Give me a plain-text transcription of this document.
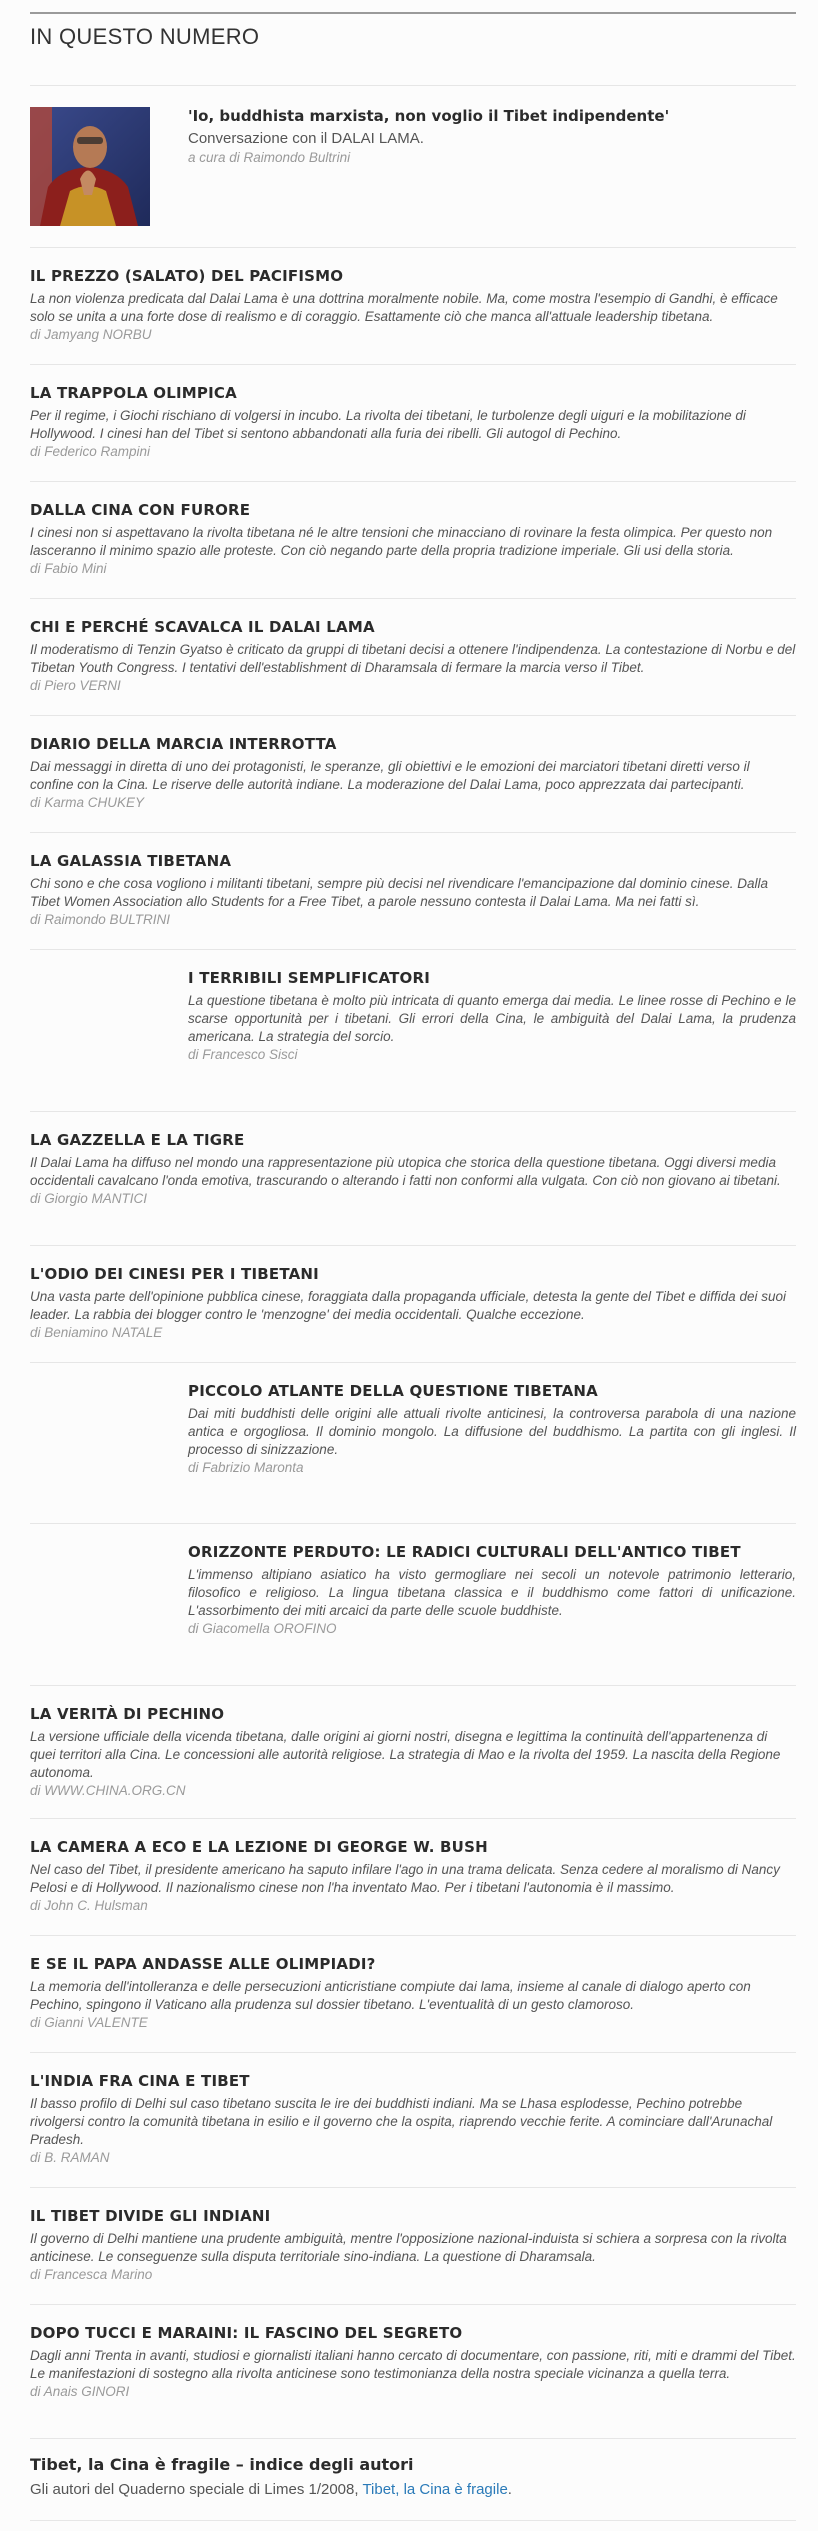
IN QUESTO NUMERO
'Io, buddhista marxista, non voglio il Tibet indipendente'
Conversazione con il DALAI LAMA.
a cura di Raimondo Bultrini
IL PREZZO (SALATO) DEL PACIFISMO
La non violenza predicata dal Dalai Lama è una dottrina moralmente nobile. Ma, come mostra l'esempio di Gandhi, è efficace solo se unita a una forte dose di realismo e di coraggio. Esattamente ciò che manca all'attuale leadership tibetana.
di Jamyang NORBU
LA TRAPPOLA OLIMPICA
Per il regime, i Giochi rischiano di volgersi in incubo. La rivolta dei tibetani, le turbolenze degli uiguri e la mobilitazione di Hollywood. I cinesi han del Tibet si sentono abbandonati alla furia dei ribelli. Gli autogol di Pechino.
di Federico Rampini
DALLA CINA CON FURORE
I cinesi non si aspettavano la rivolta tibetana né le altre tensioni che minacciano di rovinare la festa olimpica. Per questo non lasceranno il minimo spazio alle proteste. Con ciò negando parte della propria tradizione imperiale. Gli usi della storia.
di Fabio Mini
CHI E PERCHÉ SCAVALCA IL DALAI LAMA
Il moderatismo di Tenzin Gyatso è criticato da gruppi di tibetani decisi a ottenere l'indipendenza. La contestazione di Norbu e del Tibetan Youth Congress. I tentativi dell'establishment di Dharamsala di fermare la marcia verso il Tibet.
di Piero VERNI
DIARIO DELLA MARCIA INTERROTTA
Dai messaggi in diretta di uno dei protagonisti, le speranze, gli obiettivi e le emozioni dei marciatori tibetani diretti verso il confine con la Cina. Le riserve delle autorità indiane. La moderazione del Dalai Lama, poco apprezzata dai partecipanti.
di Karma CHUKEY
LA GALASSIA TIBETANA
Chi sono e che cosa vogliono i militanti tibetani, sempre più decisi nel rivendicare l'emancipazione dal dominio cinese. Dalla Tibet Women Association allo Students for a Free Tibet, a parole nessuno contesta il Dalai Lama. Ma nei fatti sì.
di Raimondo BULTRINI
I TERRIBILI SEMPLIFICATORI
La questione tibetana è molto più intricata di quanto emerga dai media. Le linee rosse di Pechino e le scarse opportunità per i tibetani. Gli errori della Cina, le ambiguità del Dalai Lama, la prudenza americana. La strategia del sorcio.
di Francesco Sisci
LA GAZZELLA E LA TIGRE
Il Dalai Lama ha diffuso nel mondo una rappresentazione più utopica che storica della questione tibetana. Oggi diversi media occidentali cavalcano l'onda emotiva, trascurando o alterando i fatti non conformi alla vulgata. Con ciò non giovano ai tibetani.
di Giorgio MANTICI
L'ODIO DEI CINESI PER I TIBETANI
Una vasta parte dell'opinione pubblica cinese, foraggiata dalla propaganda ufficiale, detesta la gente del Tibet e diffida dei suoi leader. La rabbia dei blogger contro le 'menzogne' dei media occidentali. Qualche eccezione.
di Beniamino NATALE
PICCOLO ATLANTE DELLA QUESTIONE TIBETANA
Dai miti buddhisti delle origini alle attuali rivolte anticinesi, la controversa parabola di una nazione antica e orgogliosa. Il dominio mongolo. La diffusione del buddhismo. La partita con gli inglesi. Il processo di sinizzazione.
di Fabrizio Maronta
ORIZZONTE PERDUTO: LE RADICI CULTURALI DELL'ANTICO TIBET
L'immenso altipiano asiatico ha visto germogliare nei secoli un notevole patrimonio letterario, filosofico e religioso. La lingua tibetana classica e il buddhismo come fattori di unificazione. L'assorbimento dei miti arcaici da parte delle scuole buddhiste.
di Giacomella OROFINO
LA VERITÀ DI PECHINO
La versione ufficiale della vicenda tibetana, dalle origini ai giorni nostri, disegna e legittima la continuità dell'appartenenza di quei territori alla Cina. Le concessioni alle autorità religiose. La strategia di Mao e la rivolta del 1959. La nascita della Regione autonoma.
di WWW.CHINA.ORG.CN
LA CAMERA A ECO E LA LEZIONE DI GEORGE W. BUSH
Nel caso del Tibet, il presidente americano ha saputo infilare l'ago in una trama delicata. Senza cedere al moralismo di Nancy Pelosi e di Hollywood. Il nazionalismo cinese non l'ha inventato Mao. Per i tibetani l'autonomia è il massimo.
di John C. Hulsman
E SE IL PAPA ANDASSE ALLE OLIMPIADI?
La memoria dell'intolleranza e delle persecuzioni anticristiane compiute dai lama, insieme al canale di dialogo aperto con Pechino, spingono il Vaticano alla prudenza sul dossier tibetano. L'eventualità di un gesto clamoroso.
di Gianni VALENTE
L'INDIA FRA CINA E TIBET
Il basso profilo di Delhi sul caso tibetano suscita le ire dei buddhisti indiani. Ma se Lhasa esplodesse, Pechino potrebbe rivolgersi contro la comunità tibetana in esilio e il governo che la ospita, riaprendo vecchie ferite. A cominciare dall'Arunachal Pradesh.
di B. RAMAN
IL TIBET DIVIDE GLI INDIANI
Il governo di Delhi mantiene una prudente ambiguità, mentre l'opposizione nazional-induista si schiera a sorpresa con la rivolta anticinese. Le conseguenze sulla disputa territoriale sino-indiana. La questione di Dharamsala.
di Francesca Marino
DOPO TUCCI E MARAINI: IL FASCINO DEL SEGRETO
Dagli anni Trenta in avanti, studiosi e giornalisti italiani hanno cercato di documentare, con passione, riti, miti e drammi del Tibet. Le manifestazioni di sostegno alla rivolta anticinese sono testimonianza della nostra speciale vicinanza a quella terra.
di Anais GINORI
Tibet, la Cina è fragile – indice degli autori
Gli autori del Quaderno speciale di Limes 1/2008, Tibet, la Cina è fragile.
